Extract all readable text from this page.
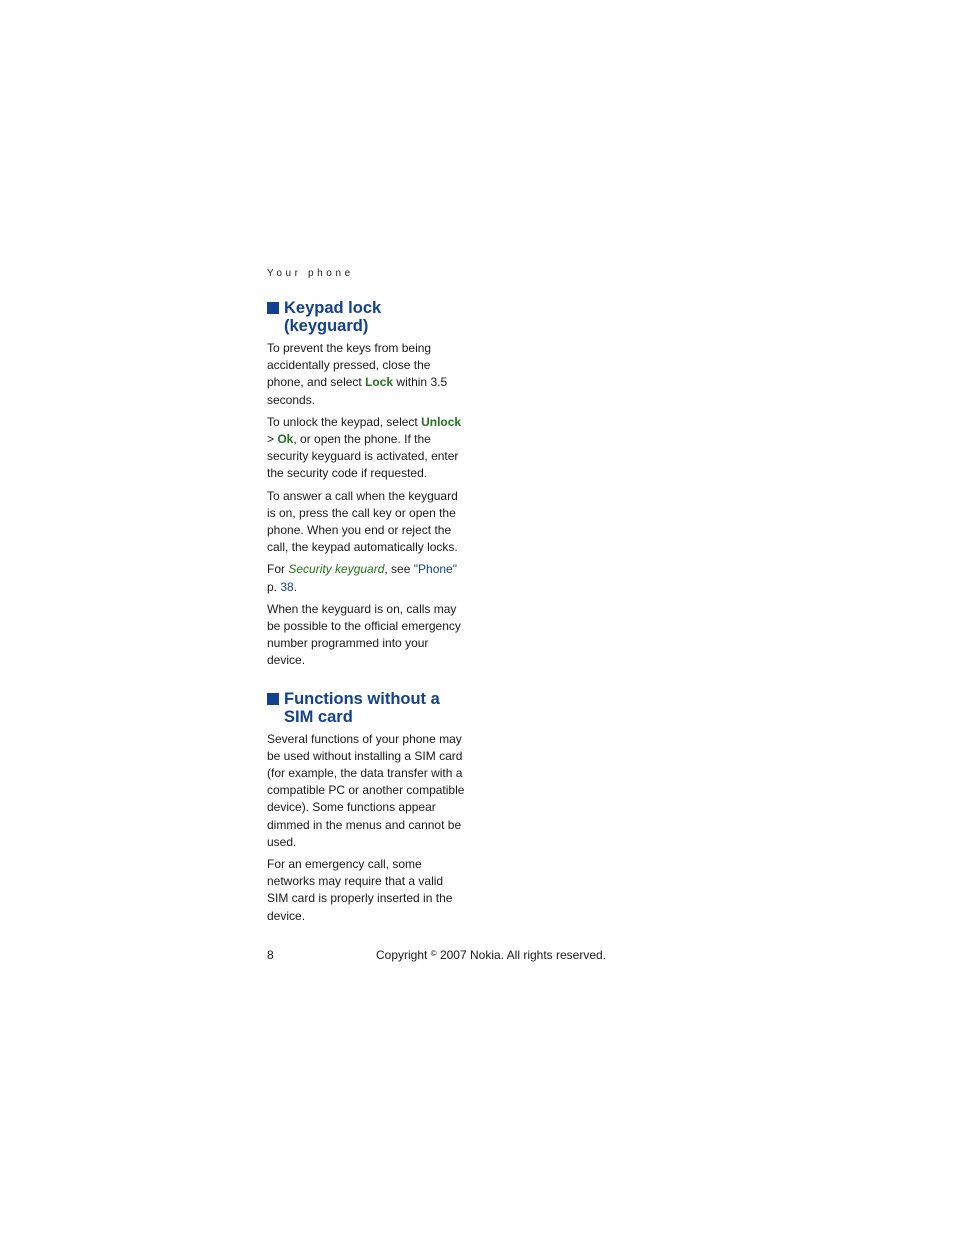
Your phone
Keypad lock (keyguard)

To prevent the keys from being accidentally pressed, close the phone, and select Lock within 3.5 seconds.

To unlock the keypad, select Unlock > Ok, or open the phone. If the security keyguard is activated, enter the security code if requested.

To answer a call when the keyguard is on, press the call key or open the phone. When you end or reject the call, the keypad automatically locks.

For Security keyguard, see "Phone" p. 38.

When the keyguard is on, calls may be possible to the official emergency number programmed into your device.

Functions without a SIM card

Several functions of your phone may be used without installing a SIM card (for example, the data transfer with a compatible PC or another compatible device). Some functions appear dimmed in the menus and cannot be used.

For an emergency call, some networks may require that a valid SIM card is properly inserted in the device.

8	Copyright © 2007 Nokia. All rights reserved.
